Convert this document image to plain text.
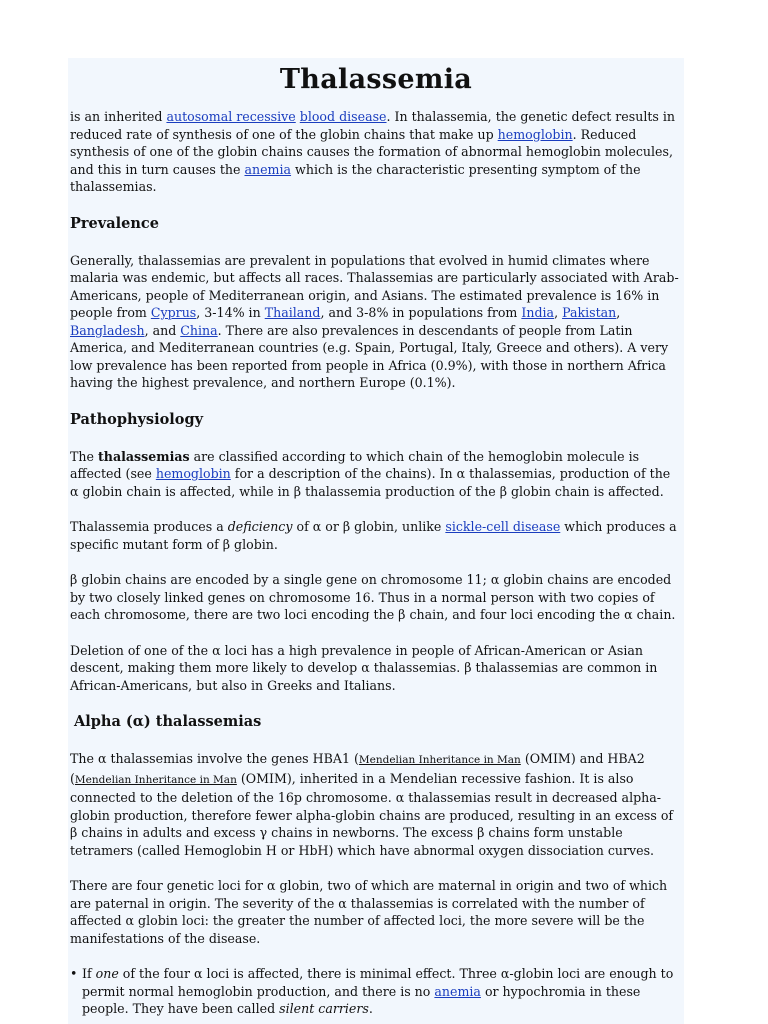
Thalassemia

is an inherited autosomal recessive blood disease. In thalassemia, the genetic defect results in reduced rate of synthesis of one of the globin chains that make up hemoglobin. Reduced synthesis of one of the globin chains causes the formation of abnormal hemoglobin molecules, and this in turn causes the anemia which is the characteristic presenting symptom of the thalassemias.

Prevalence

Generally, thalassemias are prevalent in populations that evolved in humid climates where malaria was endemic, but affects all races. Thalassemias are particularly associated with Arab-Americans, people of Mediterranean origin, and Asians. The estimated prevalence is 16% in people from Cyprus, 3-14% in Thailand, and 3-8% in populations from India, Pakistan, Bangladesh, and China. There are also prevalences in descendants of people from Latin America, and Mediterranean countries (e.g. Spain, Portugal, Italy, Greece and others). A very low prevalence has been reported from people in Africa (0.9%), with those in northern Africa having the highest prevalence, and northern Europe (0.1%).

Pathophysiology

The thalassemias are classified according to which chain of the hemoglobin molecule is affected (see hemoglobin for a description of the chains). In α thalassemias, production of the α globin chain is affected, while in β thalassemia production of the β globin chain is affected.

Thalassemia produces a deficiency of α or β globin, unlike sickle-cell disease which produces a specific mutant form of β globin.

β globin chains are encoded by a single gene on chromosome 11; α globin chains are encoded by two closely linked genes on chromosome 16. Thus in a normal person with two copies of each chromosome, there are two loci encoding the β chain, and four loci encoding the α chain.

Deletion of one of the α loci has a high prevalence in people of African-American or Asian descent, making them more likely to develop α thalassemias. β thalassemias are common in African-Americans, but also in Greeks and Italians.

Alpha (α) thalassemias

The α thalassemias involve the genes HBA1 (Mendelian Inheritance in Man (OMIM) and HBA2 (Mendelian Inheritance in Man (OMIM), inherited in a Mendelian recessive fashion. It is also connected to the deletion of the 16p chromosome. α thalassemias result in decreased alpha-globin production, therefore fewer alpha-globin chains are produced, resulting in an excess of β chains in adults and excess γ chains in newborns. The excess β chains form unstable tetramers (called Hemoglobin H or HbH) which have abnormal oxygen dissociation curves.

There are four genetic loci for α globin, two of which are maternal in origin and two of which are paternal in origin. The severity of the α thalassemias is correlated with the number of affected α globin loci: the greater the number of affected loci, the more severe will be the manifestations of the disease.

• If one of the four α loci is affected, there is minimal effect. Three α-globin loci are enough to permit normal hemoglobin production, and there is no anemia or hypochromia in these people. They have been called silent carriers.
